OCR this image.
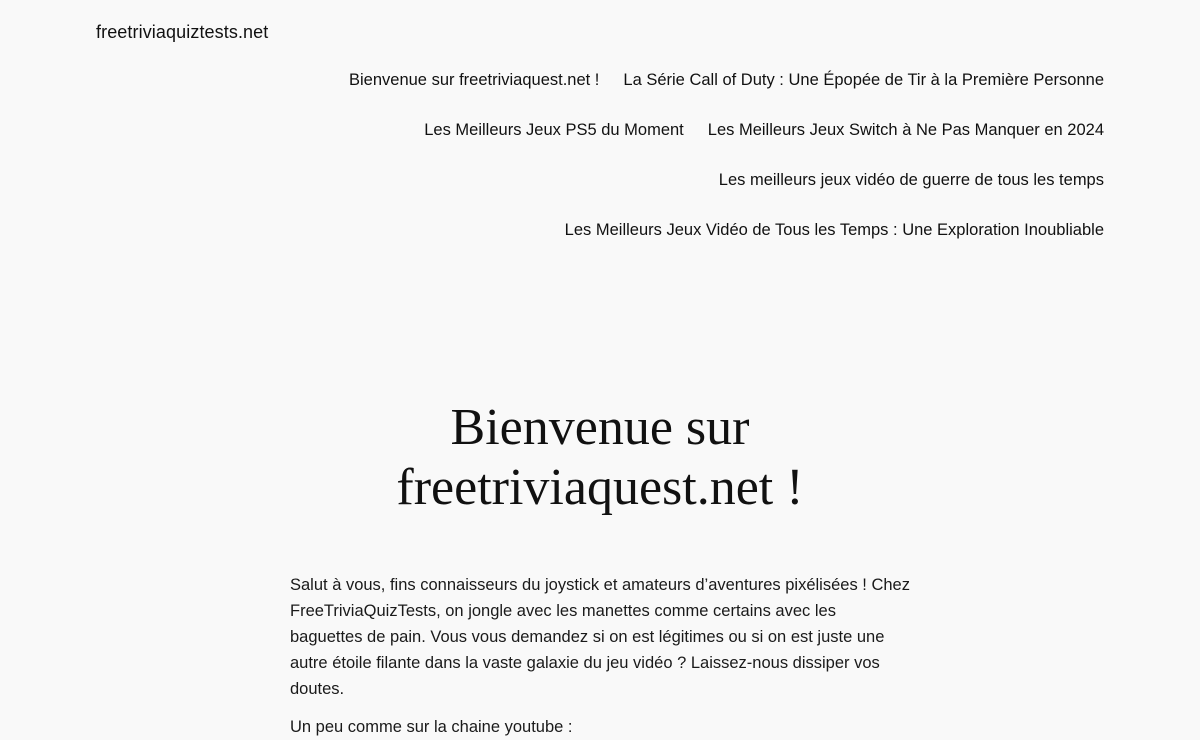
freetriviaquiztests.net
Bienvenue sur freetriviaquest.net ! La Série Call of Duty : Une Épopée de Tir à la Première Personne
Les Meilleurs Jeux PS5 du Moment Les Meilleurs Jeux Switch à Ne Pas Manquer en 2024
Les meilleurs jeux vidéo de guerre de tous les temps
Les Meilleurs Jeux Vidéo de Tous les Temps : Une Exploration Inoubliable
Bienvenue sur
freetriviaquest.net !

Salut à vous, fins connaisseurs du joystick et amateurs d’aventures pixélisées ! Chez FreeTriviaQuizTests, on jongle avec les manettes comme certains avec les baguettes de pain. Vous vous demandez si on est légitimes ou si on est juste une autre étoile filante dans la vaste galaxie du jeu vidéo ? Laissez-nous dissiper vos doutes.

Un peu comme sur la chaine youtube :
